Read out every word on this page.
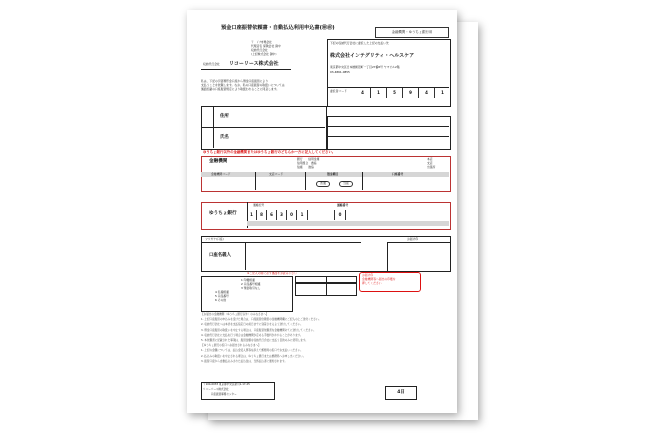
預金口座振替依頼書・自動払込利用申込書(㊞㊞)
金融機関・ゆうちょ銀行用
〒　ﾄﾞﾁ市場会社
代理店名 保険会社 御中
収納代行会社
(上記株式会社 御中)
収納代行会社 リコーリース株式会社
私は、下記の引落預貯金口座から預金口座振替により
支払うことを依頼します。なお、私の口座振替の取扱いについては
裏面記載の口座振替規定により取扱われることに同意します。
下記の収納代行会社に委託した上記の支払い先
株式会社インテグリティ・ヘルスケア
東京都中央区日本橋蛎殻町一丁目27番8号 ヤマビル2階
03-4861-0855
委託者コード	4	1	5	9	4	1
住所
氏名
ゆうちょ銀行以外の金融機関またはゆうちょ銀行のどちらか一方に記入してください。
金融機関	銀行　　信用金庫
信用組合　農協
信連　　漁協
本店
支店
出張所
金融機関コード	支店コード	預金種目	口座番号
普通	当座
ゆうちょ銀行
通帳記号	通帳番号
1	8	6	3	0	1	0
フリガナ(口座)	お届け印
口座名義人
※ご記入の前に必ず裏面をお読み下さい
1 印鑑相違
2 口座番号相違
3 預金取引なし
4 名義相違
5 口座番号
6 その他
お届け印
金融機関等へ届出の印鑑を
押してください
【お届出の金融機関（ゆうちょ銀行以外）のみなさまへ】
1. 上記口座振替の申込みを受けた場合は、口座振替依頼書の金融機関欄にご記入の上ご送付ください。
2. 収納代行会社へは本状を支払指定日の前日までに到着させるよう送付してください。
3. 預金口座振替の取扱いを中止する場合は、口座振替依頼書を金融機関あてに送付してください。
4. 収納代行会社に支払を行う場合は金融機関が定める手数料がかかることがあります。
5. 本依頼書に記載された事項は、振替金額を収納代行会社に支払う目的のみに使用します。
【ゆうちょ銀行の窓口へお届出されるみなさまへ】
1. 上記の金額については、払込金受入票等を添えて郵便局の窓口でお支払いください。
2. 払込みの取扱いを中止される場合は、ゆうちょ銀行または郵便局へお申し出ください。
3. 振替口座から自動払込みされた払込金は、当該払込者に通知されます。
〒104-0033 東京都中央区新川1-17-25
リコーリース株式会社
　　　口座振替事務センター	4日
